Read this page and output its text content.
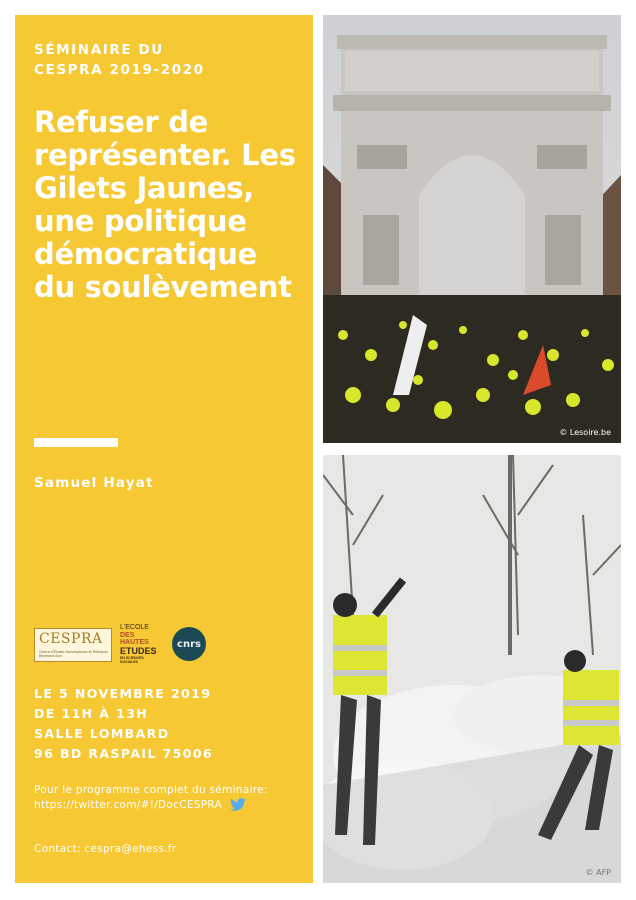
SÉMINAIRE DU
CESPRA 2019-2020
Refuser de représenter. Les Gilets Jaunes, une politique démocratique du soulèvement

Samuel Hayat

CESPRA
Centre d'Études Sociologiques et Politiques Raymond Aron
L'ECOLE
DES HAUTES
ETUDES
EN SCIENCES SOCIALES
cnrs
LE 5 NOVEMBRE 2019
DE 11H À 13H
SALLE LOMBARD
96 BD RASPAIL 75006
Pour le programme complet du séminaire:
https://twitter.com/#!/DocCESPRA
Contact: cespra@ehess.fr
© Lesoire.be
© AFP
